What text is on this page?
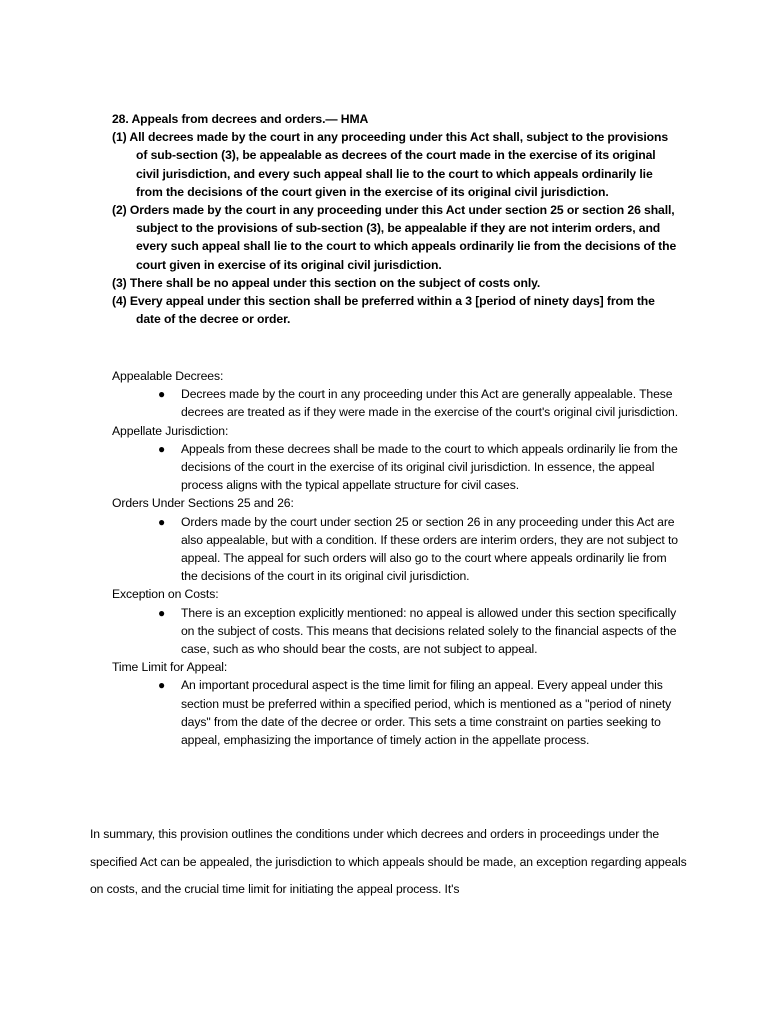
28. Appeals from decrees and orders.— HMA

(1) All decrees made by the court in any proceeding under this Act shall, subject to the provisions of sub-section (3), be appealable as decrees of the court made in the exercise of its original civil jurisdiction, and every such appeal shall lie to the court to which appeals ordinarily lie from the decisions of the court given in the exercise of its original civil jurisdiction.

(2) Orders made by the court in any proceeding under this Act under section 25 or section 26 shall, subject to the provisions of sub-section (3), be appealable if they are not interim orders, and every such appeal shall lie to the court to which appeals ordinarily lie from the decisions of the court given in exercise of its original civil jurisdiction.

(3) There shall be no appeal under this section on the subject of costs only.

(4) Every appeal under this section shall be preferred within a 3 [period of ninety days] from the date of the decree or order.

Appealable Decrees:

● Decrees made by the court in any proceeding under this Act are generally appealable. These decrees are treated as if they were made in the exercise of the court's original civil jurisdiction.

Appellate Jurisdiction:

● Appeals from these decrees shall be made to the court to which appeals ordinarily lie from the decisions of the court in the exercise of its original civil jurisdiction. In essence, the appeal process aligns with the typical appellate structure for civil cases.

Orders Under Sections 25 and 26:

● Orders made by the court under section 25 or section 26 in any proceeding under this Act are also appealable, but with a condition. If these orders are interim orders, they are not subject to appeal. The appeal for such orders will also go to the court where appeals ordinarily lie from the decisions of the court in its original civil jurisdiction.

Exception on Costs:

● There is an exception explicitly mentioned: no appeal is allowed under this section specifically on the subject of costs. This means that decisions related solely to the financial aspects of the case, such as who should bear the costs, are not subject to appeal.

Time Limit for Appeal:

● An important procedural aspect is the time limit for filing an appeal. Every appeal under this section must be preferred within a specified period, which is mentioned as a "period of ninety days" from the date of the decree or order. This sets a time constraint on parties seeking to appeal, emphasizing the importance of timely action in the appellate process.

In summary, this provision outlines the conditions under which decrees and orders in proceedings under the specified Act can be appealed, the jurisdiction to which appeals should be made, an exception regarding appeals on costs, and the crucial time limit for initiating the appeal process. It's
